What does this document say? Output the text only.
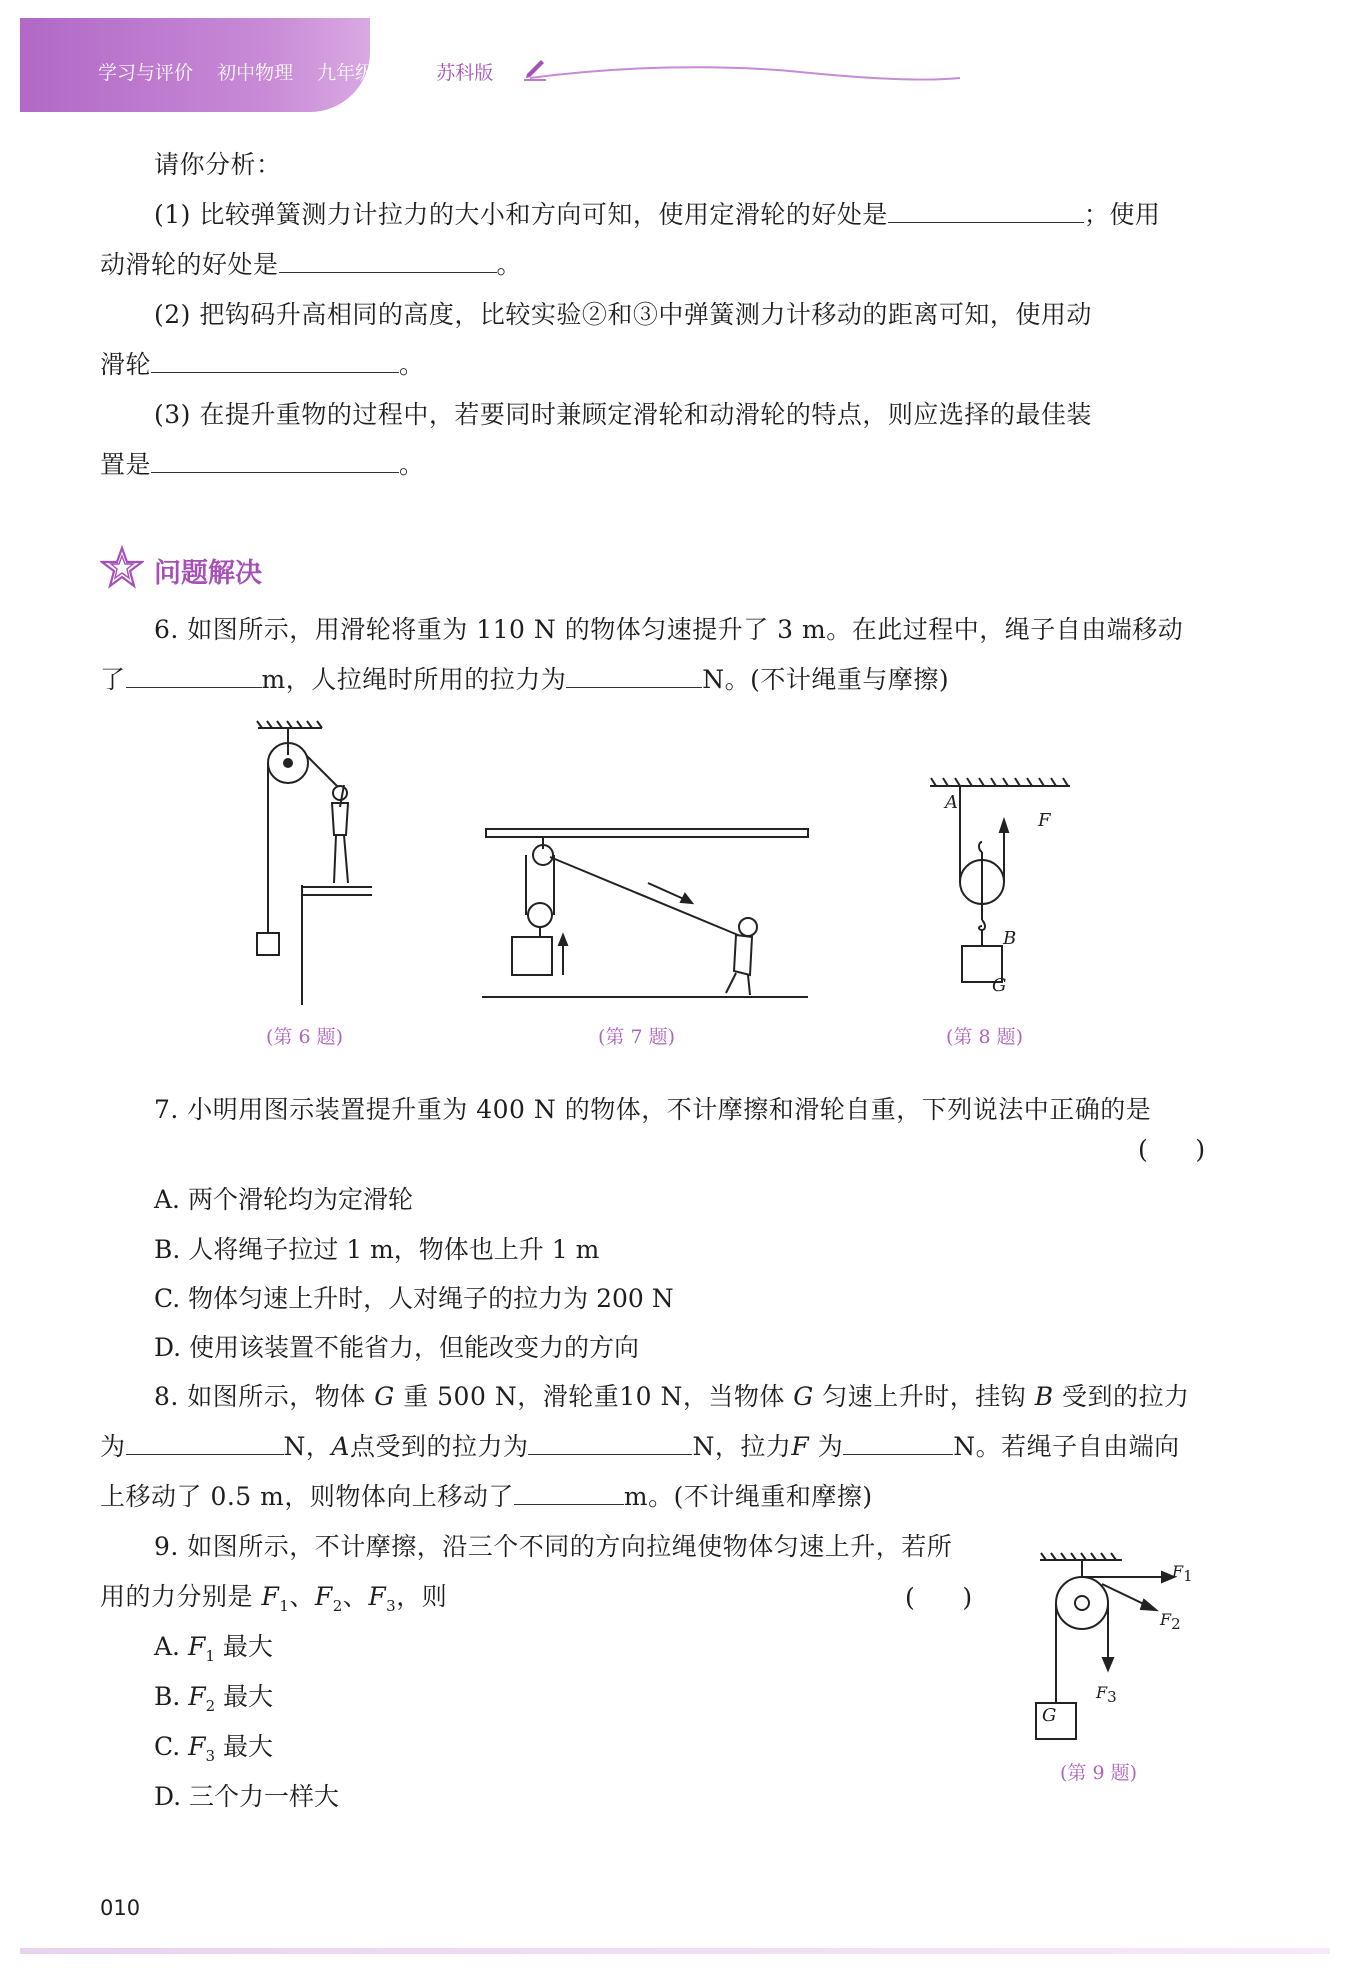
学习与评价 初中物理 九年级上册 苏科版
请你分析：
(1) 比较弹簧测力计拉力的大小和方向可知，使用定滑轮的好处是	；使用
动滑轮的好处是	。
(2) 把钩码升高相同的高度，比较实验②和③中弹簧测力计移动的距离可知，使用动
滑轮	。
(3) 在提升重物的过程中，若要同时兼顾定滑轮和动滑轮的特点，则应选择的最佳装
置是	。
问题解决
6. 如图所示，用滑轮将重为 110 N 的物体匀速提升了 3 m。在此过程中，绳子自由端移动
了	m，人拉绳时所用的拉力为	N。(不计绳重与摩擦)
(第 6 题)	(第 7 题)
A
F
B
G
(第 8 题)
7. 小明用图示装置提升重为 400 N 的物体，不计摩擦和滑轮自重，下列说法中正确的是
(      )
A. 两个滑轮均为定滑轮
B. 人将绳子拉过 1 m，物体也上升 1 m
C. 物体匀速上升时，人对绳子的拉力为 200 N
D. 使用该装置不能省力，但能改变力的方向
8. 如图所示，物体 G 重 500 N，滑轮重10 N，当物体 G 匀速上升时，挂钩 B 受到的拉力
为	N，A点受到的拉力为	N，拉力F 为	N。若绳子自由端向
上移动了 0.5 m，则物体向上移动了	m。(不计绳重和摩擦)
9. 如图所示，不计摩擦，沿三个不同的方向拉绳使物体匀速上升，若所
用的力分别是 $F_1$、$F_2$、$F_3$，则	(      )
A. $F_1$ 最大
B. $F_2$ 最大
C. $F_3$ 最大
D. 三个力一样大
G
$F_1$
$F_2$
$F_3$
(第 9 题)
010
